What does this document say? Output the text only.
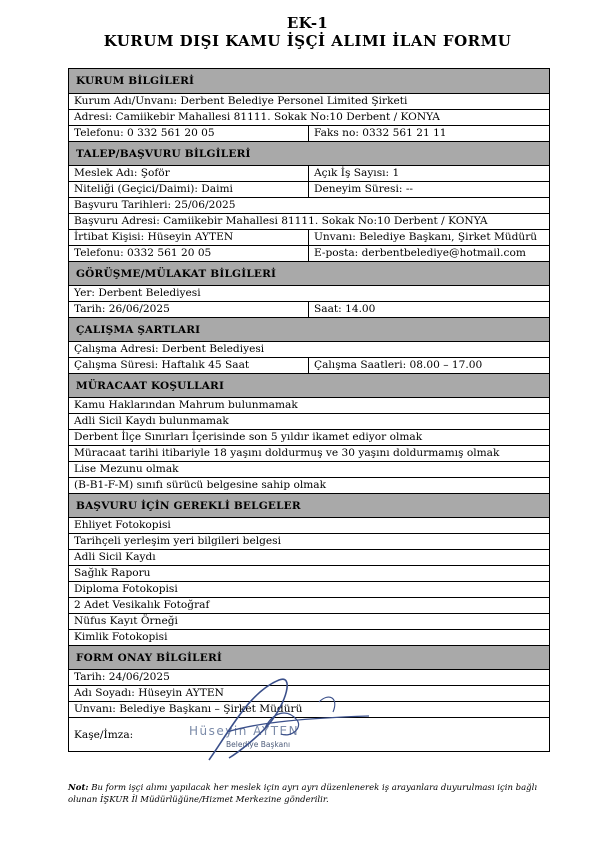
EK-1
KURUM DIŞI KAMU İŞÇİ ALIMI İLAN FORMU
KURUM BİLGİLERİ
Kurum Adı/Unvanı: Derbent Belediye Personel Limited Şirketi
Adresi: Camiikebir Mahallesi 81111. Sokak No:10 Derbent / KONYA
Telefonu: 0 332 561 20 05	Faks no: 0332 561 21 11
TALEP/BAŞVURU BİLGİLERİ
Meslek Adı: Şoför	Açık İş Sayısı: 1
Niteliği (Geçici/Daimi): Daimi	Deneyim Süresi: --
Başvuru Tarihleri: 25/06/2025
Başvuru Adresi: Camiikebir Mahallesi 81111. Sokak No:10 Derbent / KONYA
İrtibat Kişisi: Hüseyin AYTEN	Unvanı: Belediye Başkanı, Şirket Müdürü
Telefonu: 0332 561 20 05	E-posta: derbentbelediye@hotmail.com
GÖRÜŞME/MÜLAKAT BİLGİLERİ
Yer: Derbent Belediyesi
Tarih: 26/06/2025	Saat: 14.00
ÇALIŞMA ŞARTLARI
Çalışma Adresi: Derbent Belediyesi
Çalışma Süresi: Haftalık 45 Saat	Çalışma Saatleri: 08.00 – 17.00
MÜRACAAT KOŞULLARI
Kamu Haklarından Mahrum bulunmamak
Adli Sicil Kaydı bulunmamak
Derbent İlçe Sınırları İçerisinde son 5 yıldır ikamet ediyor olmak
Müracaat tarihi itibariyle 18 yaşını doldurmuş ve 30 yaşını doldurmamış olmak
Lise Mezunu olmak
(B-B1-F-M) sınıfı sürücü belgesine sahip olmak
BAŞVURU İÇİN GEREKLİ BELGELER
Ehliyet Fotokopisi
Tarihçeli yerleşim yeri bilgileri belgesi
Adli Sicil Kaydı
Sağlık Raporu
Diploma Fotokopisi
2 Adet Vesikalık Fotoğraf
Nüfus Kayıt Örneği
Kimlik Fotokopisi
FORM ONAY BİLGİLERİ
Tarih: 24/06/2025
Adı Soyadı: Hüseyin AYTEN
Unvanı: Belediye Başkanı – Şirket Müdürü
Kaşe/İmza:	Hüseyin AYTEN
Belediye Başkanı
Not: Bu form işçi alımı yapılacak her meslek için ayrı ayrı düzenlenerek iş arayanlara duyurulması için bağlı olunan İŞKUR İl Müdürlüğüne/Hizmet Merkezine gönderilir.
